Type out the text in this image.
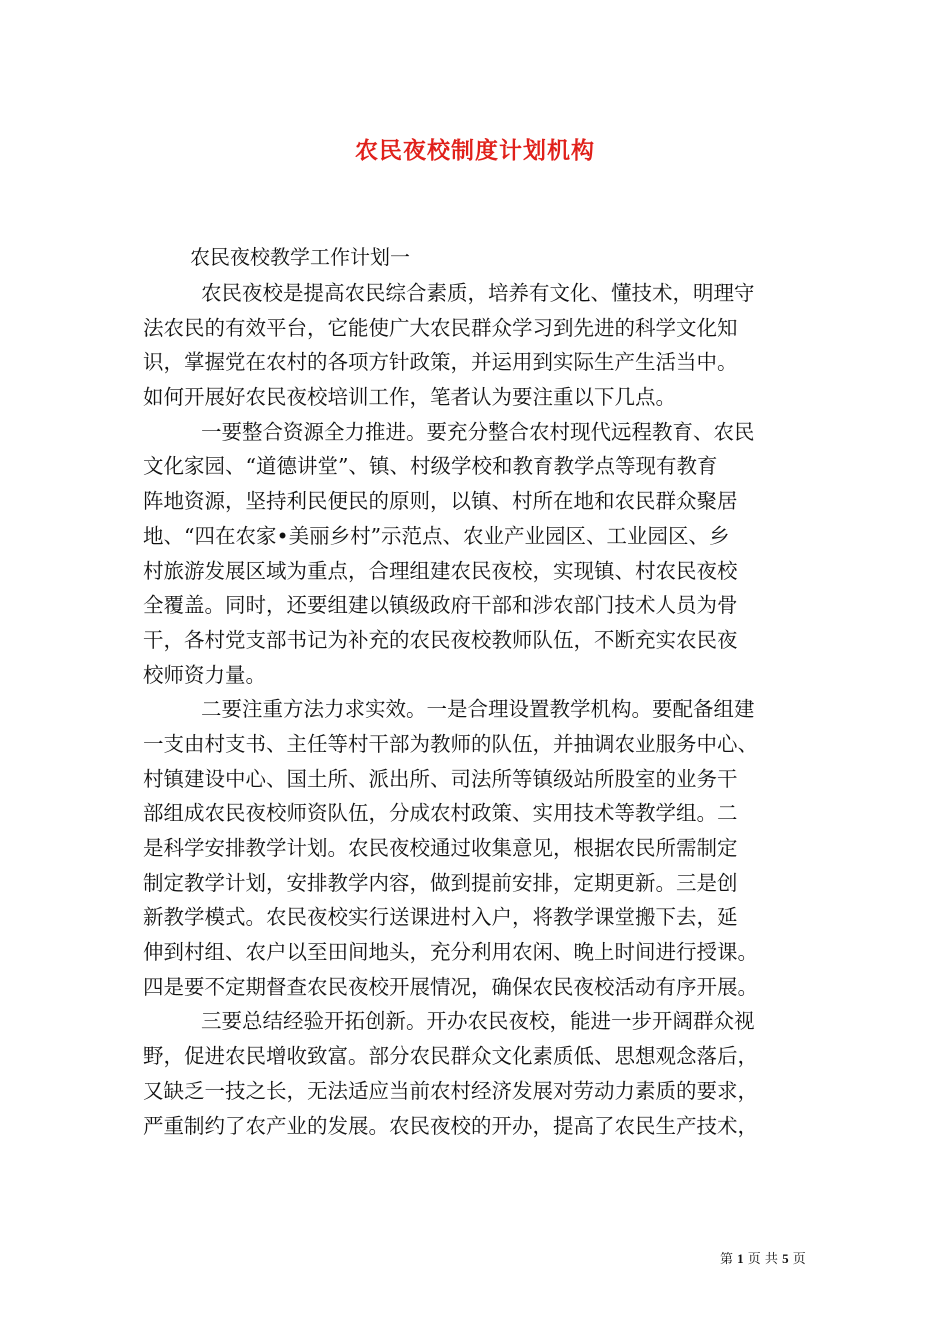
农民夜校制度计划机构
农民夜校教学工作计划一
农民夜校是提高农民综合素质，培养有文化、懂技术，明理守
法农民的有效平台，它能使广大农民群众学习到先进的科学文化知
识，掌握党在农村的各项方针政策，并运用到实际生产生活当中。
如何开展好农民夜校培训工作，笔者认为要注重以下几点。
一要整合资源全力推进。要充分整合农村现代远程教育、农民
文化家园、“道德讲堂”、镇、村级学校和教育教学点等现有教育
阵地资源，坚持利民便民的原则，以镇、村所在地和农民群众聚居
地、“四在农家•美丽乡村”示范点、农业产业园区、工业园区、乡
村旅游发展区域为重点，合理组建农民夜校，实现镇、村农民夜校
全覆盖。同时，还要组建以镇级政府干部和涉农部门技术人员为骨
干，各村党支部书记为补充的农民夜校教师队伍，不断充实农民夜
校师资力量。
二要注重方法力求实效。一是合理设置教学机构。要配备组建
一支由村支书、主任等村干部为教师的队伍，并抽调农业服务中心、
村镇建设中心、国土所、派出所、司法所等镇级站所股室的业务干
部组成农民夜校师资队伍，分成农村政策、实用技术等教学组。二
是科学安排教学计划。农民夜校通过收集意见，根据农民所需制定
制定教学计划，安排教学内容，做到提前安排，定期更新。三是创
新教学模式。农民夜校实行送课进村入户，将教学课堂搬下去，延
伸到村组、农户以至田间地头，充分利用农闲、晚上时间进行授课。
四是要不定期督查农民夜校开展情况，确保农民夜校活动有序开展。
三要总结经验开拓创新。开办农民夜校，能进一步开阔群众视
野，促进农民增收致富。部分农民群众文化素质低、思想观念落后，
又缺乏一技之长，无法适应当前农村经济发展对劳动力素质的要求，
严重制约了农产业的发展。农民夜校的开办，提高了农民生产技术，
第 1 页 共 5 页
